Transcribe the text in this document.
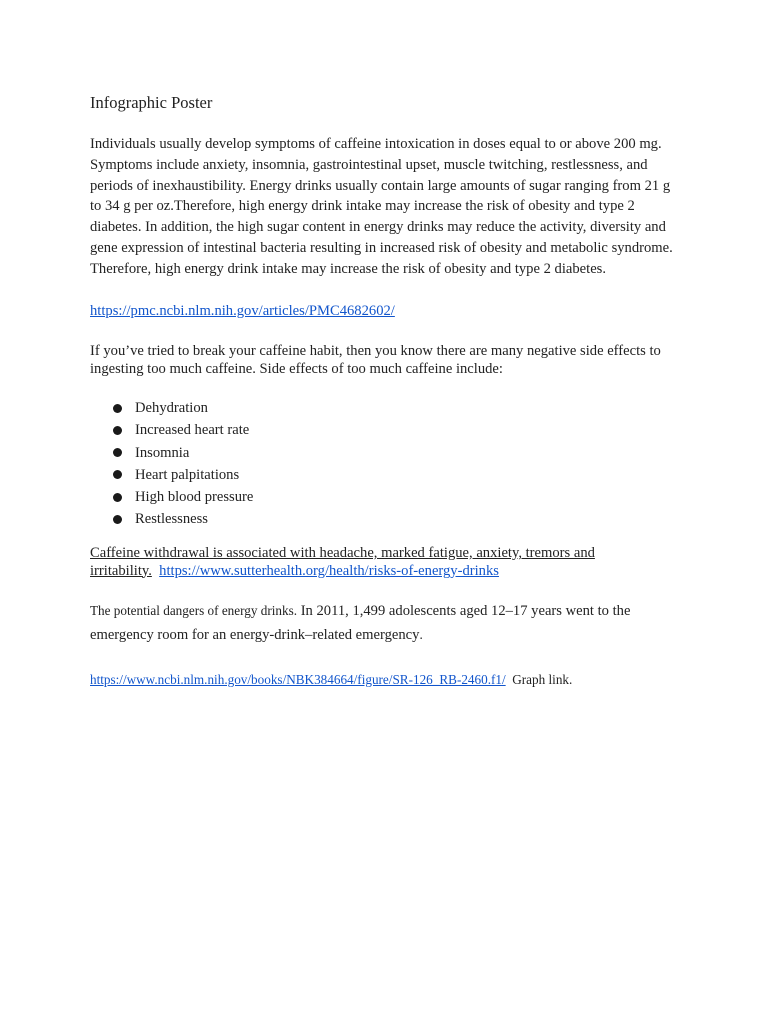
Infographic Poster
Individuals usually develop symptoms of caffeine intoxication in doses equal to or above 200 mg. Symptoms include anxiety, insomnia, gastrointestinal upset, muscle twitching, restlessness, and periods of inexhaustibility. Energy drinks usually contain large amounts of sugar ranging from 21 g to 34 g per oz.Therefore, high energy drink intake may increase the risk of obesity and type 2 diabetes. In addition, the high sugar content in energy drinks may reduce the activity, diversity and gene expression of intestinal bacteria resulting in increased risk of obesity and metabolic syndrome. Therefore, high energy drink intake may increase the risk of obesity and type 2 diabetes.
https://pmc.ncbi.nlm.nih.gov/articles/PMC4682602/
If you’ve tried to break your caffeine habit, then you know there are many negative side effects to ingesting too much caffeine. Side effects of too much caffeine include:
Dehydration
Increased heart rate
Insomnia
Heart palpitations
High blood pressure
Restlessness
Caffeine withdrawal is associated with headache, marked fatigue, anxiety, tremors and irritability. https://www.sutterhealth.org/health/risks-of-energy-drinks
The potential dangers of energy drinks. In 2011, 1,499 adolescents aged 12–17 years went to the emergency room for an energy-drink–related emergency.
https://www.ncbi.nlm.nih.gov/books/NBK384664/figure/SR-126_RB-2460.f1/ Graph link.
